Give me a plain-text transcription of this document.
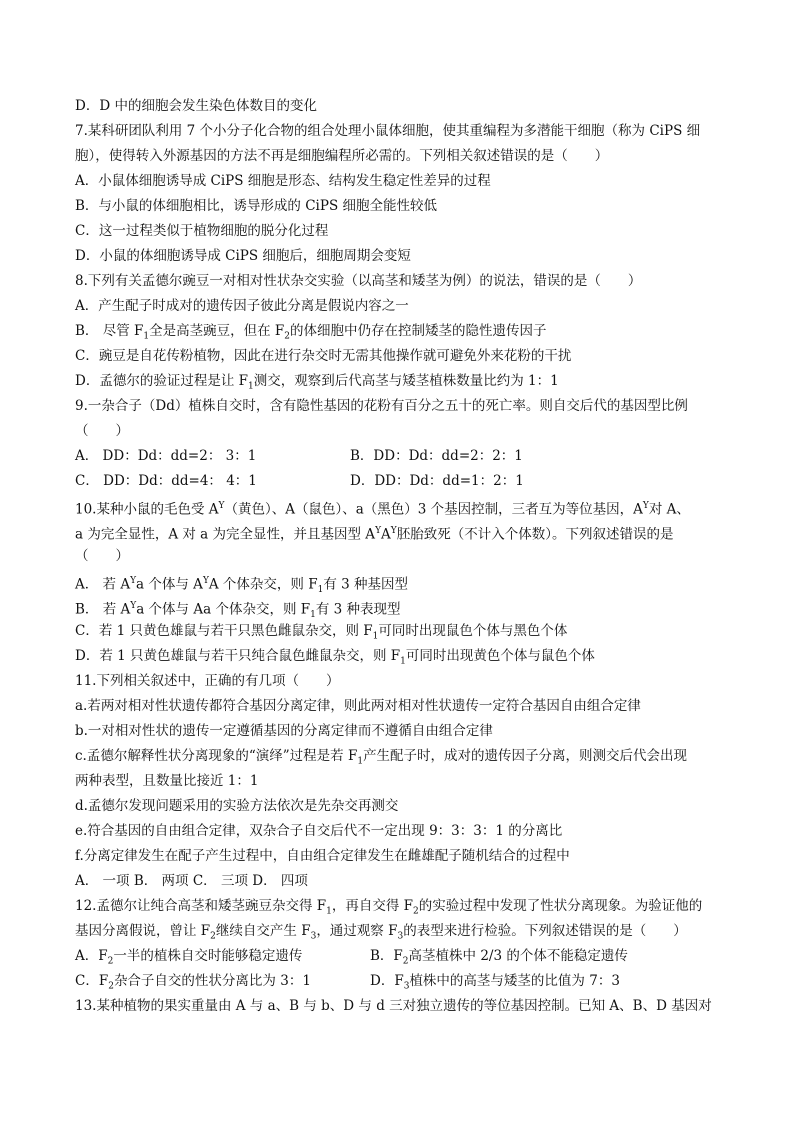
D．D 中的细胞会发生染色体数目的变化
7.某科研团队利用 7 个小分子化合物的组合处理小鼠体细胞，使其重编程为多潜能干细胞（称为 CiPS 细
胞），使得转入外源基因的方法不再是细胞编程所必需的。下列相关叙述错误的是（　　）
A．小鼠体细胞诱导成 CiPS 细胞是形态、结构发生稳定性差异的过程
B．与小鼠的体细胞相比，诱导形成的 CiPS 细胞全能性较低
C．这一过程类似于植物细胞的脱分化过程
D．小鼠的体细胞诱导成 CiPS 细胞后，细胞周期会变短
8.下列有关孟德尔豌豆一对相对性状杂交实验（以高茎和矮茎为例）的说法，错误的是（　　）
A．产生配子时成对的遗传因子彼此分离是假说内容之一
B． 尽管 $F_1$全是高茎豌豆，但在 $F_2$的体细胞中仍存在控制矮茎的隐性遗传因子
C．豌豆是自花传粉植物，因此在进行杂交时无需其他操作就可避免外来花粉的干扰
D．孟德尔的验证过程是让 $F_1$测交，观察到后代高茎与矮茎植株数量比约为 1：1
9.一杂合子（Dd）植株自交时，含有隐性基因的花粉有百分之五十的死亡率。则自交后代的基因型比例
（　　）
A． DD：Dd：dd=2： 3：1	B．DD：Dd：dd=2：2：1
C． DD：Dd：dd=4： 4：1	D．DD：Dd：dd=1：2：1
10.某种小鼠的毛色受 $A^Y$（黄色）、A（鼠色）、a（黑色）3 个基因控制，三者互为等位基因，$A^Y$对 A、
a 为完全显性，A 对 a 为完全显性，并且基因型 $A^YA^Y$胚胎致死（不计入个体数）。下列叙述错误的是
（　　）
A． 若 $A^Ya$ 个体与 $A^YA$ 个体杂交，则 $F_1$有 3 种基因型
B． 若 $A^Ya$ 个体与 Aa 个体杂交，则 $F_1$有 3 种表现型
C．若 1 只黄色雄鼠与若干只黑色雌鼠杂交，则 $F_1$可同时出现鼠色个体与黑色个体
D．若 1 只黄色雄鼠与若干只纯合鼠色雌鼠杂交，则 $F_1$可同时出现黄色个体与鼠色个体
11.下列相关叙述中，正确的有几项（　　）
a.若两对相对性状遗传都符合基因分离定律，则此两对相对性状遗传一定符合基因自由组合定律
b.一对相对性状的遗传一定遵循基因的分离定律而不遵循自由组合定律
c.孟德尔解释性状分离现象的“演绎”过程是若 $F_1$产生配子时，成对的遗传因子分离，则测交后代会出现
两种表型，且数量比接近 1：1
d.孟德尔发现问题采用的实验方法依次是先杂交再测交
e.符合基因的自由组合定律，双杂合子自交后代不一定出现 9：3：3：1 的分离比
f.分离定律发生在配子产生过程中，自由组合定律发生在雌雄配子随机结合的过程中
A． 一项 B． 两项 C． 三项 D． 四项
12.孟德尔让纯合高茎和矮茎豌豆杂交得 $F_1$，再自交得 $F_2$的实验过程中发现了性状分离现象。为验证他的
基因分离假说，曾让 $F_2$继续自交产生 $F_3$，通过观察 $F_3$的表型来进行检验。下列叙述错误的是（　　）
A．$F_2$一半的植株自交时能够稳定遗传	B．$F_2$高茎植株中 2/3 的个体不能稳定遗传
C．$F_2$杂合子自交的性状分离比为 3：1	D．$F_3$植株中的高茎与矮茎的比值为 7：3
13.某种植物的果实重量由 A 与 a、B 与 b、D 与 d 三对独立遗传的等位基因控制。已知 A、B、D 基因对
